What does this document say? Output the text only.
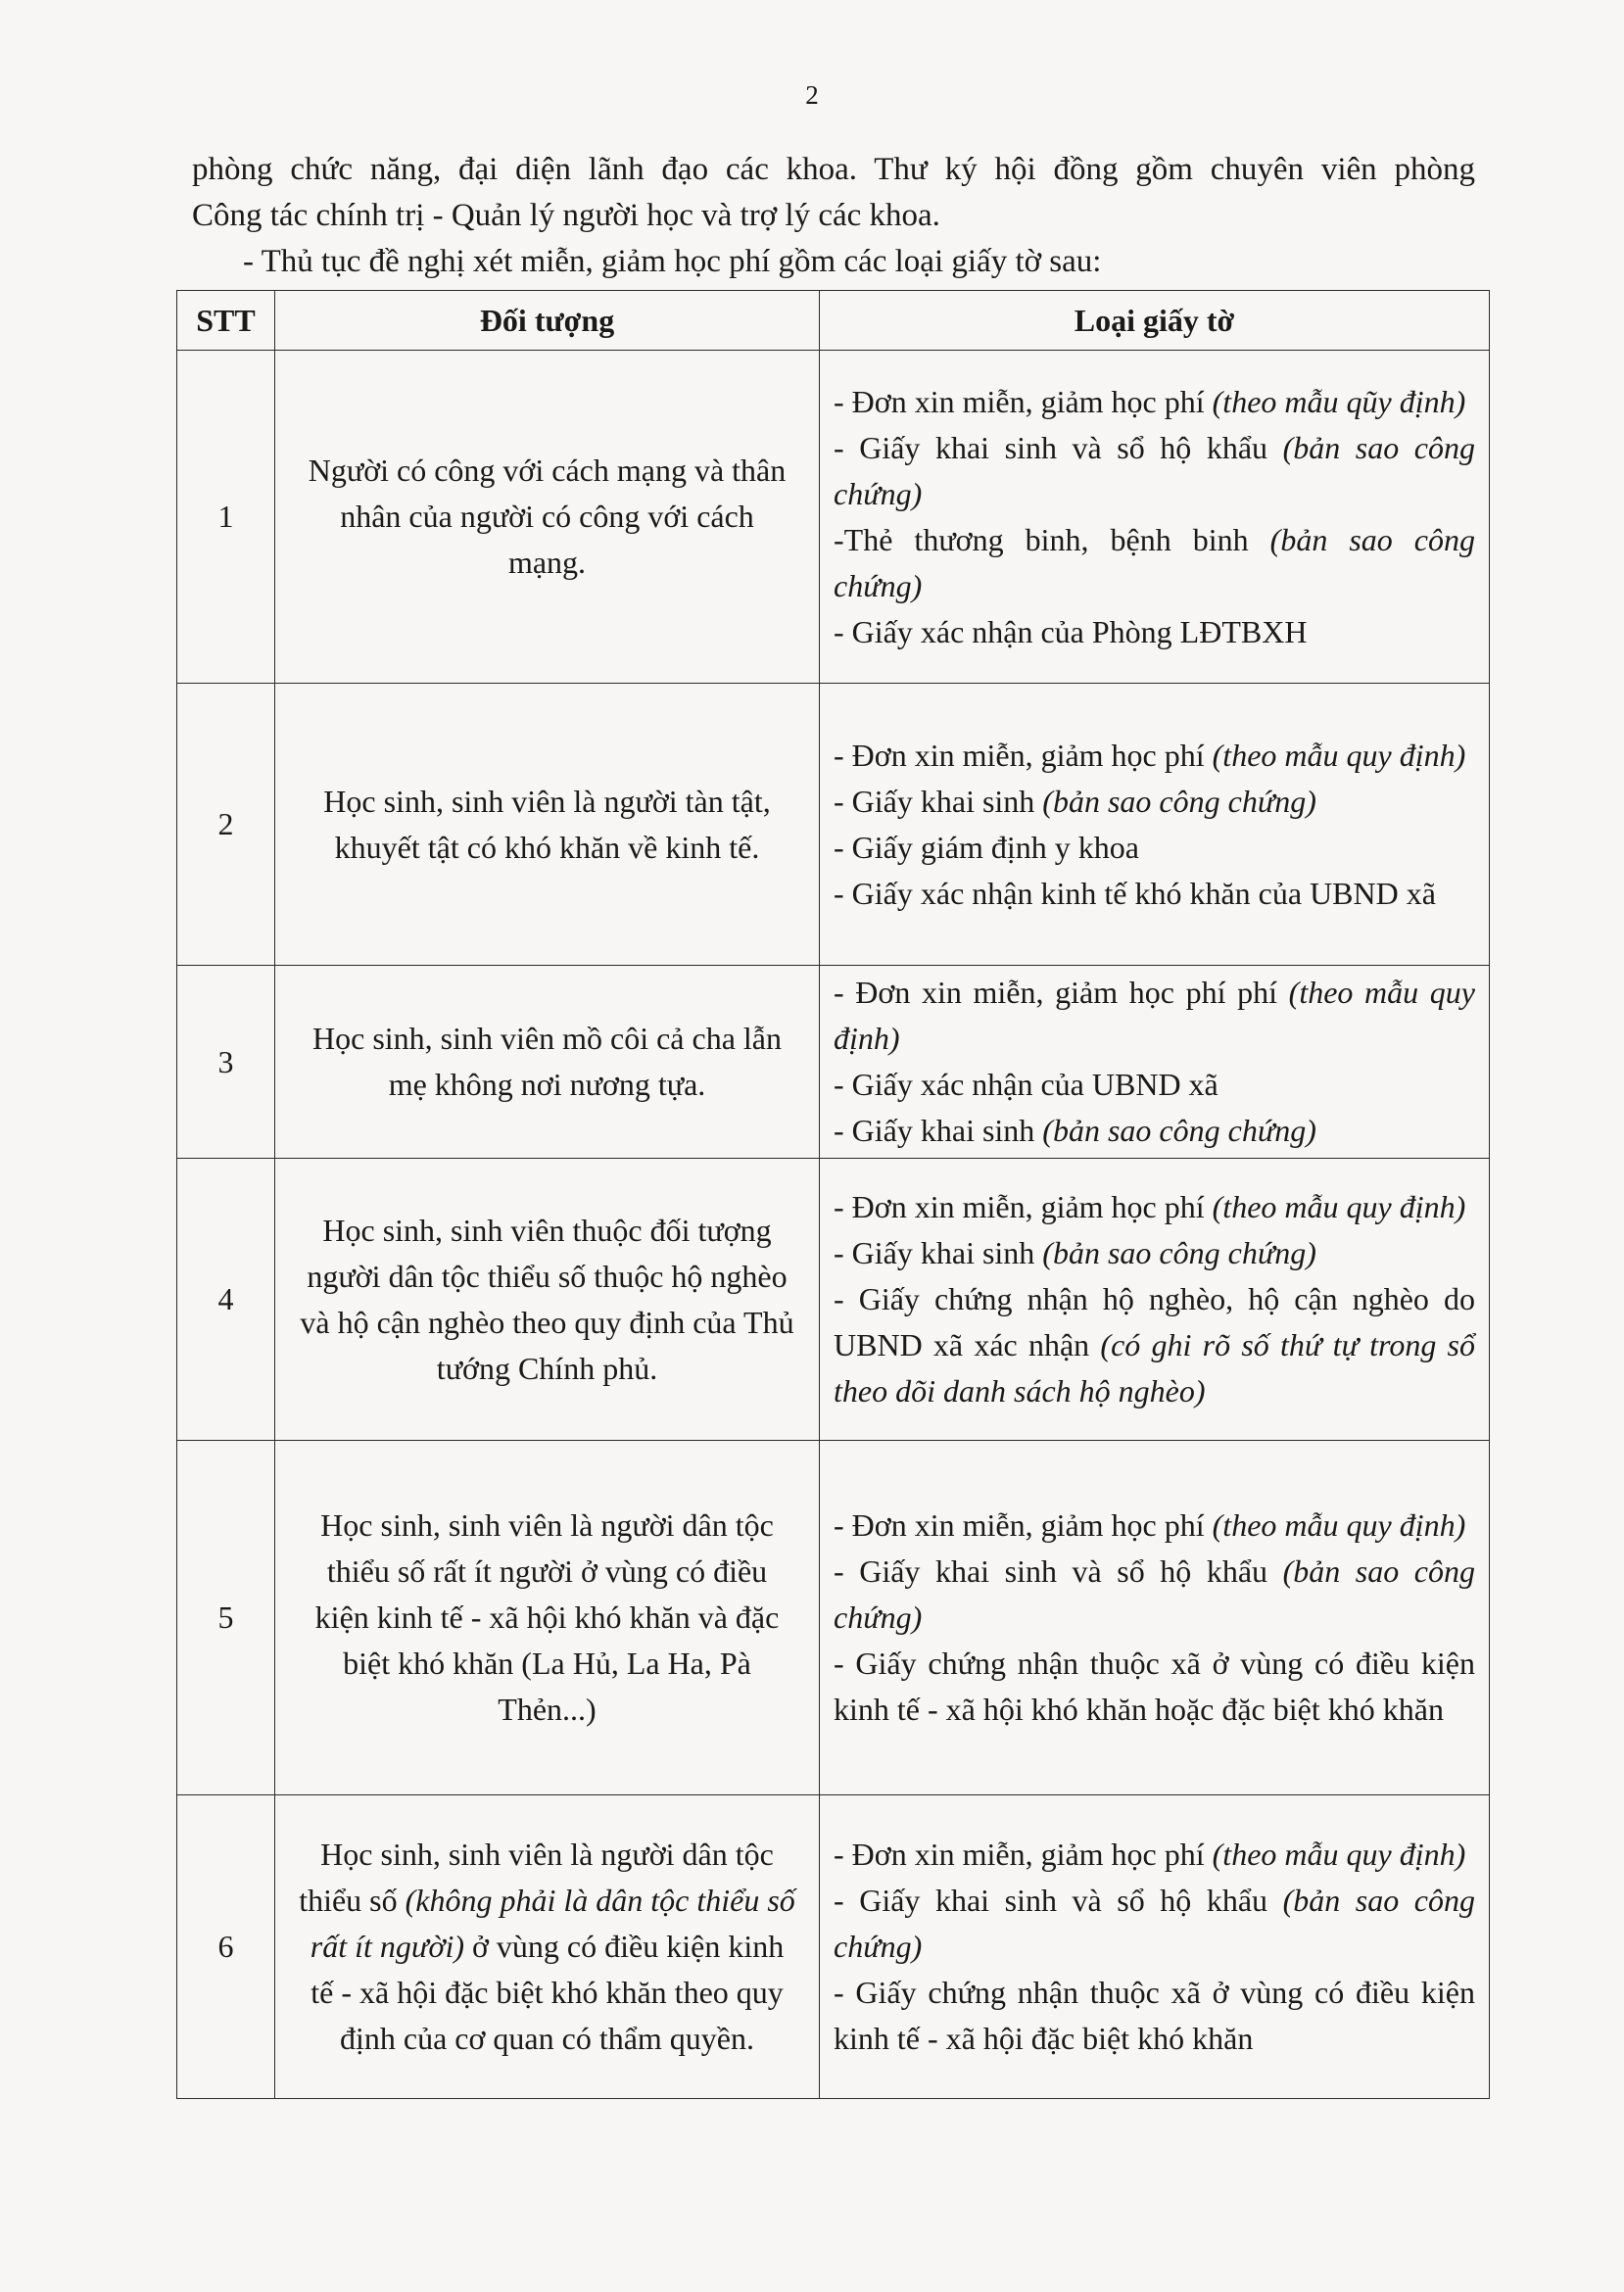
2

phòng chức năng, đại diện lãnh đạo các khoa. Thư ký hội đồng gồm chuyên viên phòng

Công tác chính trị - Quản lý người học và trợ lý các khoa.

- Thủ tục đề nghị xét miễn, giảm học phí gồm các loại giấy tờ sau:

STT	Đối tượng	Loại giấy tờ
1	Người có công với cách mạng và thân nhân của người có công với cách mạng.	- Đơn xin miễn, giảm học phí (theo mẫu qũy định)
- Giấy khai sinh và sổ hộ khẩu (bản sao công chứng)
-Thẻ thương binh, bệnh binh (bản sao công chứng)
- Giấy xác nhận của Phòng LĐTBXH

2	Học sinh, sinh viên là người tàn tật, khuyết tật có khó khăn về kinh tế.	- Đơn xin miễn, giảm học phí (theo mẫu quy định)
- Giấy khai sinh (bản sao công chứng)
- Giấy giám định y khoa
- Giấy xác nhận kinh tế khó khăn của UBND xã

3	Học sinh, sinh viên mồ côi cả cha lẫn mẹ không nơi nương tựa.	- Đơn xin miễn, giảm học phí phí (theo mẫu quy định)
- Giấy xác nhận của UBND xã
- Giấy khai sinh (bản sao công chứng)

4	Học sinh, sinh viên thuộc đối tượng người dân tộc thiểu số thuộc hộ nghèo và hộ cận nghèo theo quy định của Thủ tướng Chính phủ.	- Đơn xin miễn, giảm học phí (theo mẫu quy định)
- Giấy khai sinh (bản sao công chứng)
- Giấy chứng nhận hộ nghèo, hộ cận nghèo do UBND xã xác nhận (có ghi rõ số thứ tự trong sổ theo dõi danh sách hộ nghèo)

5	Học sinh, sinh viên là người dân tộc thiểu số rất ít người ở vùng có điều kiện kinh tế - xã hội khó khăn và đặc biệt khó khăn (La Hủ, La Ha, Pà Thẻn...)	- Đơn xin miễn, giảm học phí (theo mẫu quy định)
- Giấy khai sinh và sổ hộ khẩu (bản sao công chứng)
- Giấy chứng nhận thuộc xã ở vùng có điều kiện kinh tế - xã hội khó khăn hoặc đặc biệt khó khăn

6	Học sinh, sinh viên là người dân tộc thiểu số (không phải là dân tộc thiểu số rất ít người) ở vùng có điều kiện kinh tế - xã hội đặc biệt khó khăn theo quy định của cơ quan có thẩm quyền.	- Đơn xin miễn, giảm học phí (theo mẫu quy định)
- Giấy khai sinh và sổ hộ khẩu (bản sao công chứng)
- Giấy chứng nhận thuộc xã ở vùng có điều kiện kinh tế - xã hội đặc biệt khó khăn
